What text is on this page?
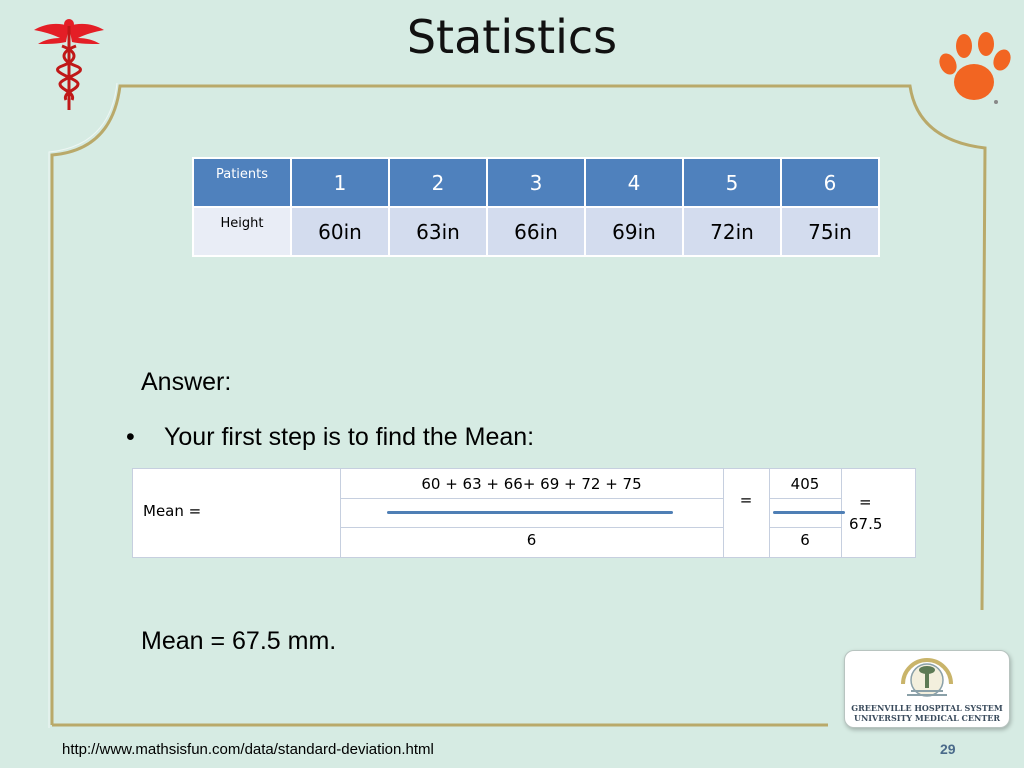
Statistics
Patients	1	2	3	4	5	6
Height	60in	63in	66in	69in	72in	75in
Answer:
• Your first step is to find the Mean:
Mean =
60 + 63 + 66+ 69 + 72 + 75
6
=
405
6
=
67.5
Mean = 67.5 mm.
http://www.mathsisfun.com/data/standard-deviation.html	29
GREENVILLE HOSPITAL SYSTEM
UNIVERSITY MEDICAL CENTER
